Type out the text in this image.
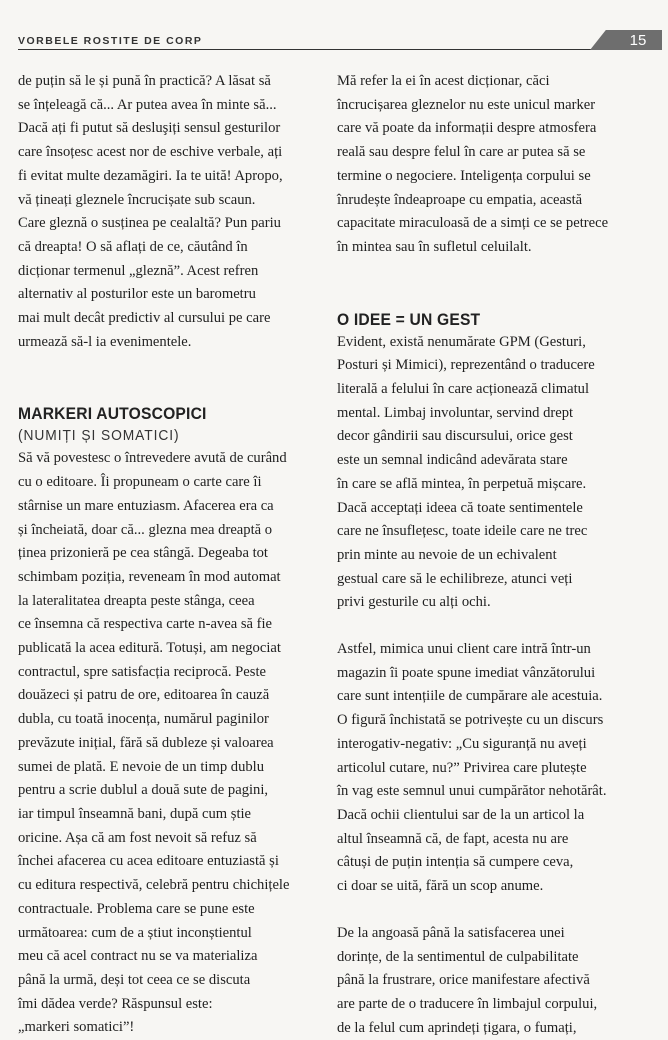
VORBELE ROSTITE DE CORP	15

de puțin să le și pună în practică? A lăsat să
se înțeleagă că... Ar putea avea în minte să...
Dacă ați fi putut să desluşiți sensul gesturilor
care însoțesc acest nor de eschive verbale, ați
fi evitat multe dezamăgiri. Ia te uită! Apropo,
vă țineați gleznele încrucișate sub scaun.
Care gleznă o susținea pe cealaltă? Pun pariu
că dreapta! O să aflați de ce, căutând în
dicționar termenul „gleznă”. Acest refren
alternativ al posturilor este un barometru
mai mult decât predictiv al cursului pe care
urmează să-l ia evenimentele.

MARKERI AUTOSCOPICI
(NUMIȚI ȘI SOMATICI)

Să vă povestesc o întrevedere avută de curând
cu o editoare. Îi propuneam o carte care îi
stârnise un mare entuziasm. Afacerea era ca
și încheiată, doar că... glezna mea dreaptă o
ținea prizonieră pe cea stângă. Degeaba tot
schimbam poziția, reveneam în mod automat
la lateralitatea dreapta peste stânga, ceea
ce însemna că respectiva carte n-avea să fie
publicată la acea editură. Totuși, am negociat
contractul, spre satisfacția reciprocă. Peste
douăzeci și patru de ore, editoarea în cauză
dubla, cu toată inocența, numărul paginilor
prevăzute inițial, fără să dubleze și valoarea
sumei de plată. E nevoie de un timp dublu
pentru a scrie dublul a două sute de pagini,
iar timpul înseamnă bani, după cum știe
oricine. Așa că am fost nevoit să refuz să
închei afacerea cu acea editoare entuziastă și
cu editura respectivă, celebră pentru chichițele
contractuale. Problema care se pune este
următoarea: cum de a știut inconștientul
meu că acel contract nu se va materializa
până la urmă, deși tot ceea ce se discuta
îmi dădea verde? Răspunsul este:
„markeri somatici”!

Mă refer la ei în acest dicționar, căci
încrucișarea gleznelor nu este unicul marker
care vă poate da informații despre atmosfera
reală sau despre felul în care ar putea să se
termine o negociere. Inteligența corpului se
înrudește îndeaproape cu empatia, această
capacitate miraculoasă de a simți ce se petrece
în mintea sau în sufletul celuilalt.

O IDEE = UN GEST

Evident, există nenumărate GPM (Gesturi,
Posturi și Mimici), reprezentând o traducere
literală a felului în care acționează climatul
mental. Limbaj involuntar, servind drept
decor gândirii sau discursului, orice gest
este un semnal indicând adevărata stare
în care se află mintea, în perpetuă mișcare.
Dacă acceptați ideea că toate sentimentele
care ne însuflețesc, toate ideile care ne trec
prin minte au nevoie de un echivalent
gestual care să le echilibreze, atunci veți
privi gesturile cu alți ochi.

Astfel, mimica unui client care intră într-un
magazin îi poate spune imediat vânzătorului
care sunt intențiile de cumpărare ale acestuia.
O figură închistată se potrivește cu un discurs
interogativ-negativ: „Cu siguranță nu aveți
articolul cutare, nu?” Privirea care plutește
în vag este semnul unui cumpărător nehotărât.
Dacă ochii clientului sar de la un articol la
altul înseamnă că, de fapt, acesta nu are
câtuși de puțin intenția să cumpere ceva,
ci doar se uită, fără un scop anume.

De la angoasă până la satisfacerea unei
dorințe, de la sentimentul de culpabilitate
până la frustrare, orice manifestare afectivă
are parte de o traducere în limbajul corpului,
de la felul cum aprindeți țigara, o fumați,
